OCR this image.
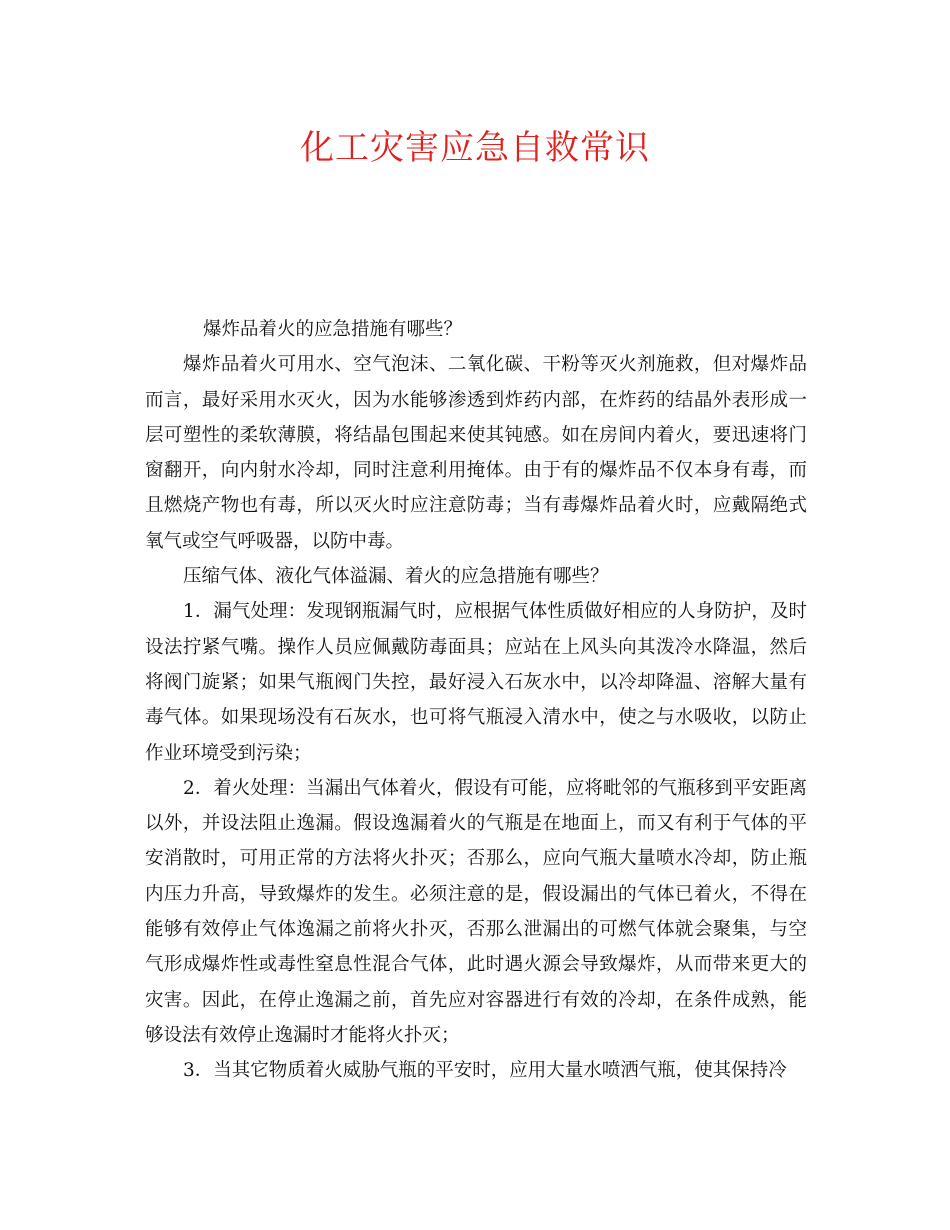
化工灾害应急自救常识

爆炸品着火的应急措施有哪些？

爆炸品着火可用水、空气泡沫、二氧化碳、干粉等灭火剂施救，但对爆炸品而言，最好采用水灭火，因为水能够渗透到炸药内部，在炸药的结晶外表形成一层可塑性的柔软薄膜，将结晶包围起来使其钝感。如在房间内着火，要迅速将门窗翻开，向内射水冷却，同时注意利用掩体。由于有的爆炸品不仅本身有毒，而且燃烧产物也有毒，所以灭火时应注意防毒；当有毒爆炸品着火时，应戴隔绝式氧气或空气呼吸器，以防中毒。

压缩气体、液化气体溢漏、着火的应急措施有哪些？

1．漏气处理：发现钢瓶漏气时，应根据气体性质做好相应的人身防护，及时设法拧紧气嘴。操作人员应佩戴防毒面具；应站在上风头向其泼冷水降温，然后将阀门旋紧；如果气瓶阀门失控，最好浸入石灰水中，以冷却降温、溶解大量有毒气体。如果现场没有石灰水，也可将气瓶浸入清水中，使之与水吸收，以防止作业环境受到污染；

2．着火处理：当漏出气体着火，假设有可能，应将毗邻的气瓶移到平安距离以外，并设法阻止逸漏。假设逸漏着火的气瓶是在地面上，而又有利于气体的平安消散时，可用正常的方法将火扑灭；否那么，应向气瓶大量喷水冷却，防止瓶内压力升高，导致爆炸的发生。必须注意的是，假设漏出的气体已着火，不得在能够有效停止气体逸漏之前将火扑灭，否那么泄漏出的可燃气体就会聚集，与空气形成爆炸性或毒性窒息性混合气体，此时遇火源会导致爆炸，从而带来更大的灾害。因此，在停止逸漏之前，首先应对容器进行有效的冷却，在条件成熟，能够设法有效停止逸漏时才能将火扑灭；

3．当其它物质着火威胁气瓶的平安时，应用大量水喷洒气瓶，使其保持冷
